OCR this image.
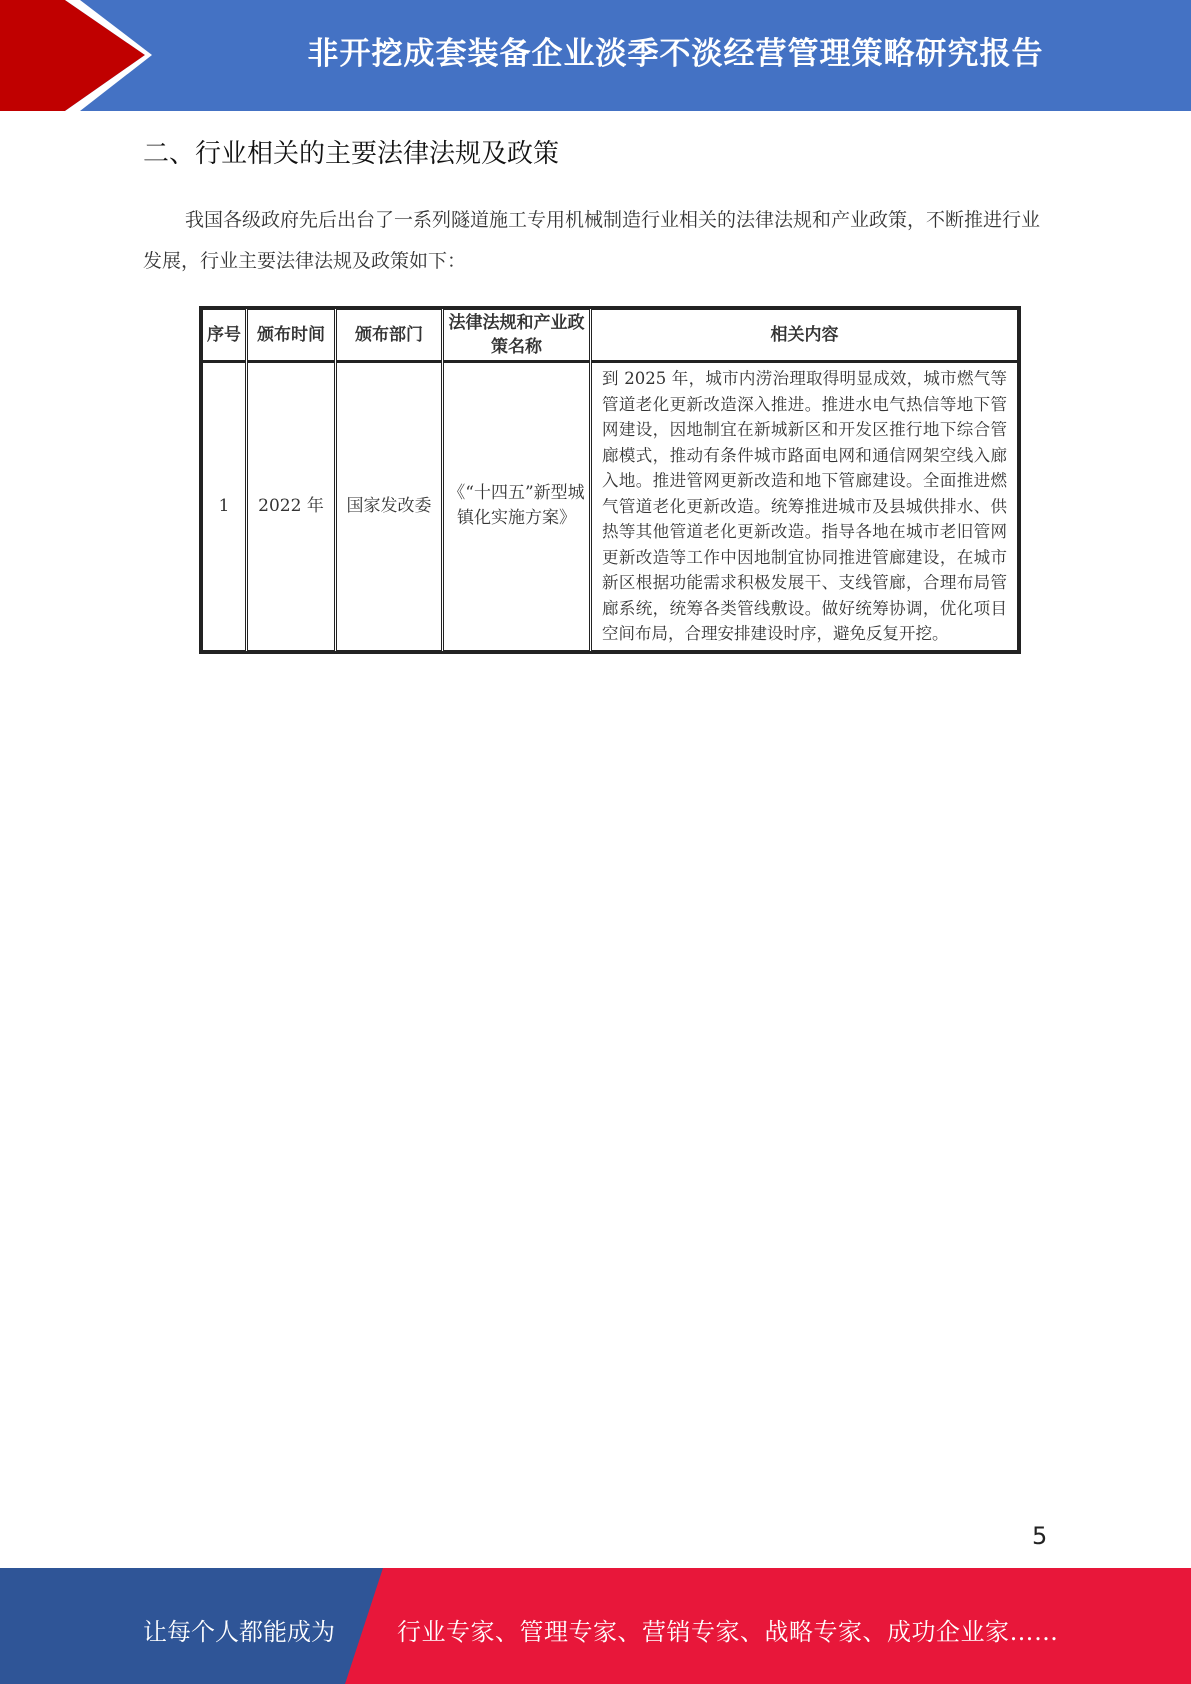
非开挖成套装备企业淡季不淡经营管理策略研究报告
二、行业相关的主要法律法规及政策
我国各级政府先后出台了一系列隧道施工专用机械制造行业相关的法律法规和产业政策，不断推进行业发展，行业主要法律法规及政策如下：
序号	颁布时间	颁布部门	法律法规和产业政策名称	相关内容
1	2022 年	国家发改委	《“十四五”新型城镇化实施方案》	到 2025 年，城市内涝治理取得明显成效，城市燃气等管道老化更新改造深入推进。推进水电气热信等地下管网建设，因地制宜在新城新区和开发区推行地下综合管廊模式，推动有条件城市路面电网和通信网架空线入廊入地。推进管网更新改造和地下管廊建设。全面推进燃气管道老化更新改造。统筹推进城市及县城供排水、供热等其他管道老化更新改造。指导各地在城市老旧管网更新改造等工作中因地制宜协同推进管廊建设，在城市新区根据功能需求积极发展干、支线管廊，合理布局管廊系统，统筹各类管线敷设。做好统筹协调，优化项目空间布局，合理安排建设时序，避免反复开挖。
5
让每个人都能成为	行业专家、管理专家、营销专家、战略专家、成功企业家……
